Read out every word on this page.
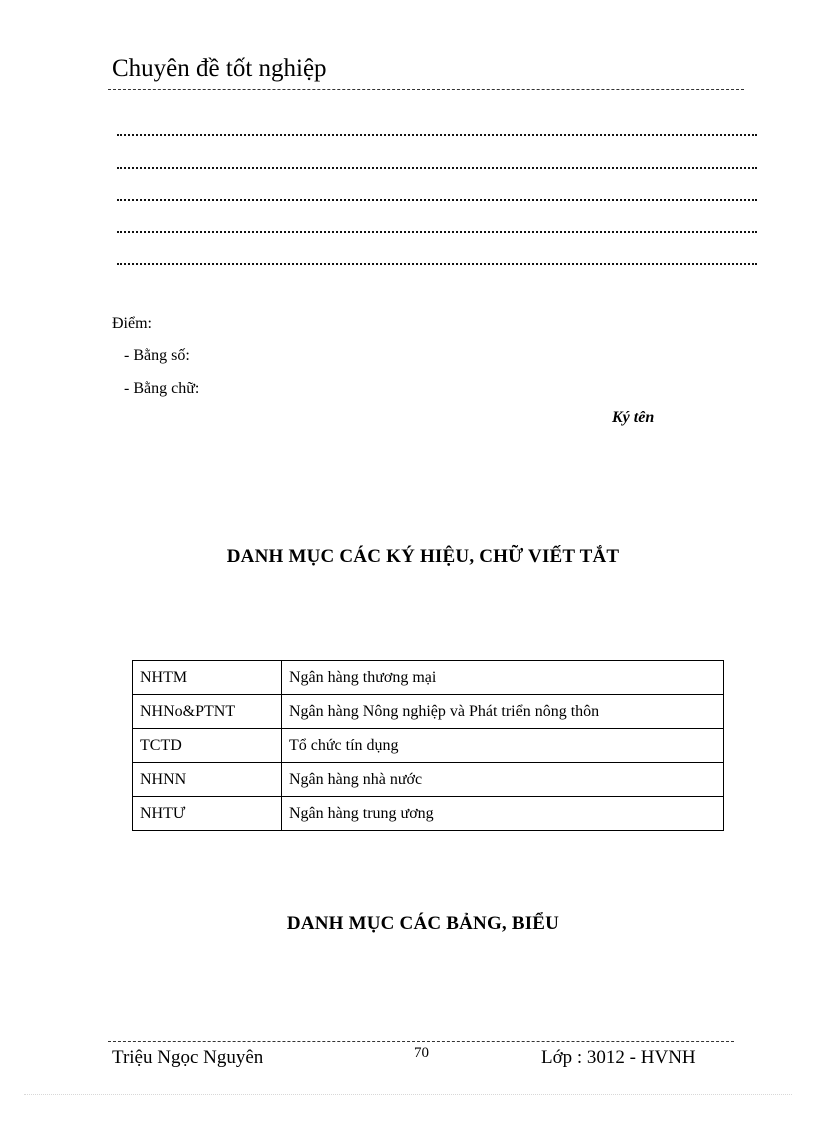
Chuyên đề tốt nghiệp
Điểm:
- Bằng số:
- Bằng chữ:
Ký tên
DANH MỤC CÁC KÝ HIỆU, CHỮ VIẾT TẮT
NHTM	Ngân hàng thương mại
NHNo&PTNT	Ngân hàng Nông nghiệp và Phát triển nông thôn
TCTD	Tổ chức tín dụng
NHNN	Ngân hàng nhà nước
NHTƯ	Ngân hàng trung ương
DANH MỤC CÁC BẢNG, BIỂU
Triệu Ngọc Nguyên	70	Lớp : 3012 - HVNH
